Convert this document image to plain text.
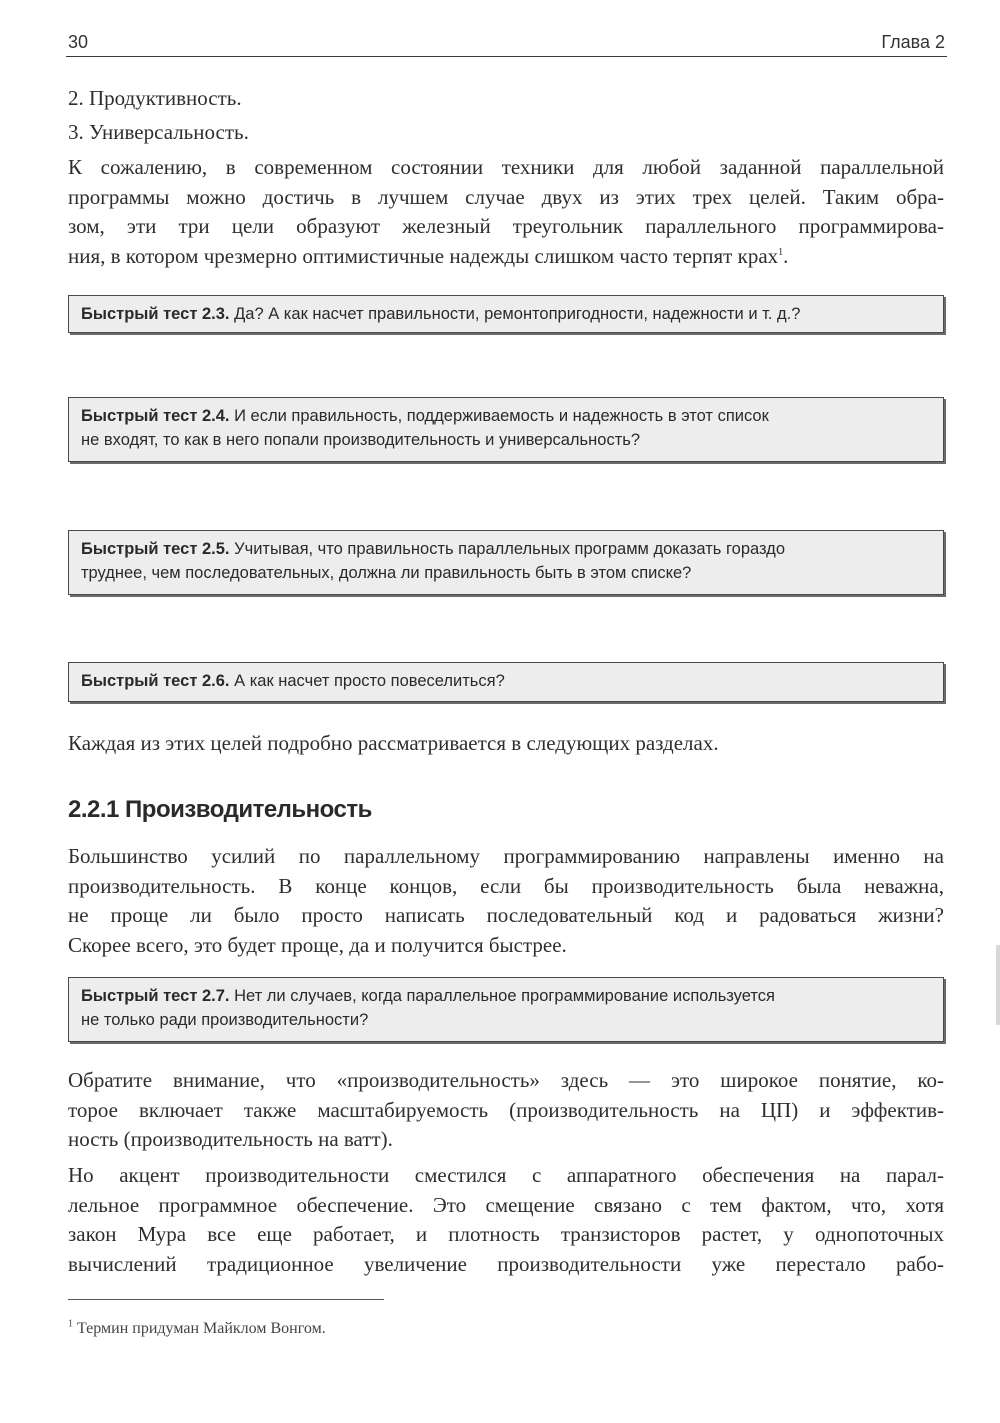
30	Глава 2
2. Продуктивность.
3. Универсальность.
К сожалению, в современном состоянии техники для любой заданной параллельной
программы можно достичь в лучшем случае двух из этих трех целей. Таким обра-
зом, эти три цели образуют железный треугольник параллельного программирова-
ния, в котором чрезмерно оптимистичные надежды слишком часто терпят крах$^1$.
Быстрый тест 2.3. Да? А как насчет правильности, ремонтопригодности, надежности и т. д.?
Быстрый тест 2.4. И если правильность, поддерживаемость и надежность в этот список
не входят, то как в него попали производительность и универсальность?
Быстрый тест 2.5. Учитывая, что правильность параллельных программ доказать гораздо
труднее, чем последовательных, должна ли правильность быть в этом списке?
Быстрый тест 2.6. А как насчет просто повеселиться?
Каждая из этих целей подробно рассматривается в следующих разделах.
2.2.1 Производительность
Большинство усилий по параллельному программированию направлены именно на
производительность. В конце концов, если бы производительность была неважна,
не проще ли было просто написать последовательный код и радоваться жизни?
Скорее всего, это будет проще, да и получится быстрее.
Быстрый тест 2.7. Нет ли случаев, когда параллельное программирование используется
не только ради производительности?
Обратите внимание, что «производительность» здесь — это широкое понятие, ко-
торое включает также масштабируемость (производительность на ЦП) и эффектив-
ность (производительность на ватт).
Но акцент производительности сместился с аппаратного обеспечения на парал-
лельное программное обеспечение. Это смещение связано с тем фактом, что, хотя
закон Мура все еще работает, и плотность транзисторов растет, у однопоточных
вычислений традиционное увеличение производительности уже перестало рабо-
$^1$ Термин придуман Майклом Вонгом.
